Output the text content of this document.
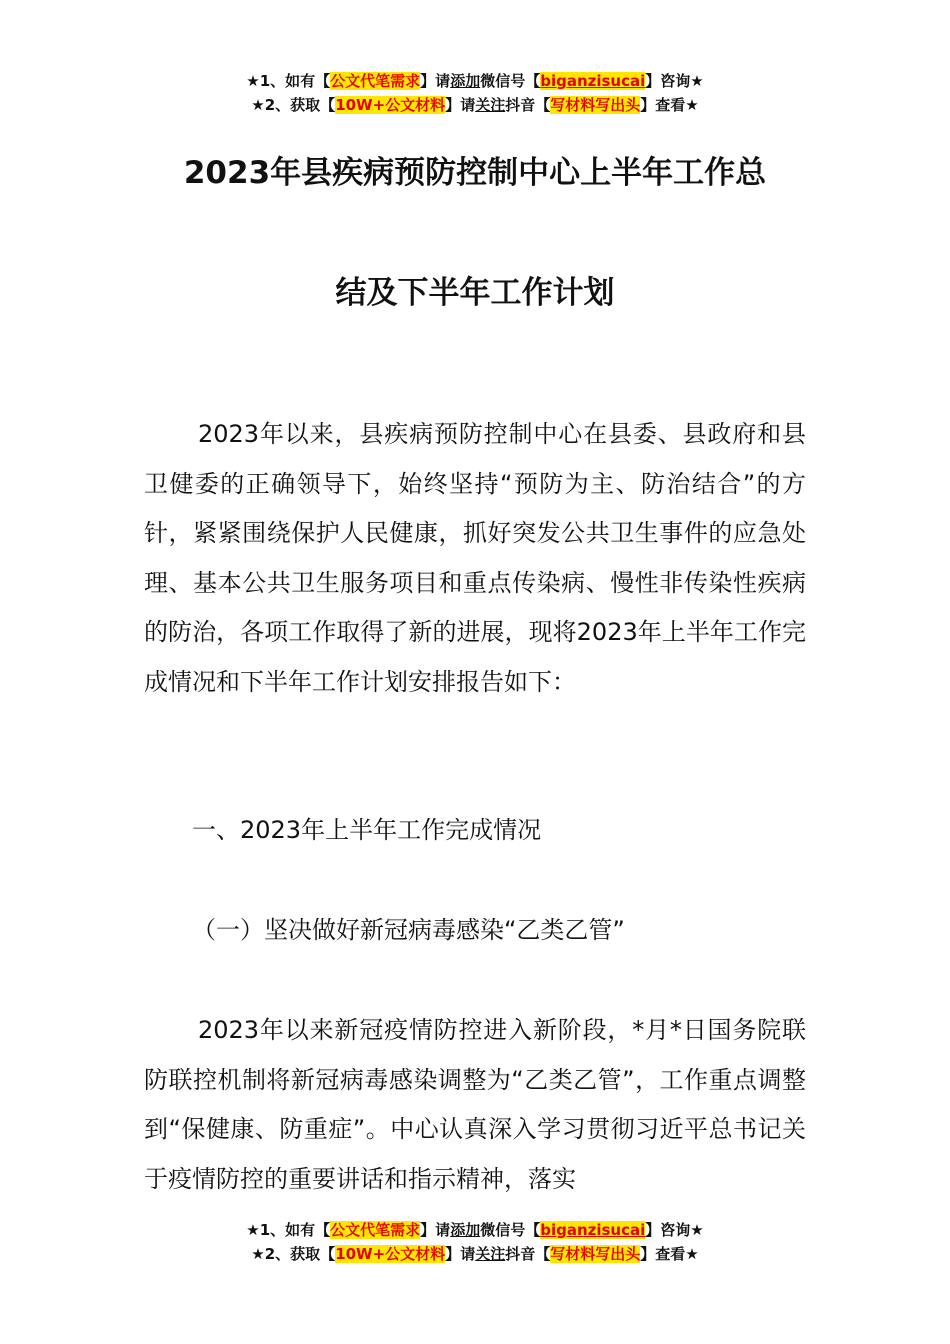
★1、如有【公文代笔需求】请添加微信号【biganzisucai】咨询★
★2、获取【10W+公文材料】请关注抖音【写材料写出头】查看★
2023年县疾病预防控制中心上半年工作总
结及下半年工作计划

2023年以来，县疾病预防控制中心在县委、县政府和县卫健委的正确领导下，始终坚持“预防为主、防治结合”的方针，紧紧围绕保护人民健康，抓好突发公共卫生事件的应急处理、基本公共卫生服务项目和重点传染病、慢性非传染性疾病的防治，各项工作取得了新的进展，现将2023年上半年工作完成情况和下半年工作计划安排报告如下：

一、2023年上半年工作完成情况
（一）坚决做好新冠病毒感染“乙类乙管”

2023年以来新冠疫情防控进入新阶段，*月*日国务院联防联控机制将新冠病毒感染调整为“乙类乙管”，工作重点调整到“保健康、防重症”。中心认真深入学习贯彻习近平总书记关于疫情防控的重要讲话和指示精神，落实

★1、如有【公文代笔需求】请添加微信号【biganzisucai】咨询★
★2、获取【10W+公文材料】请关注抖音【写材料写出头】查看★
